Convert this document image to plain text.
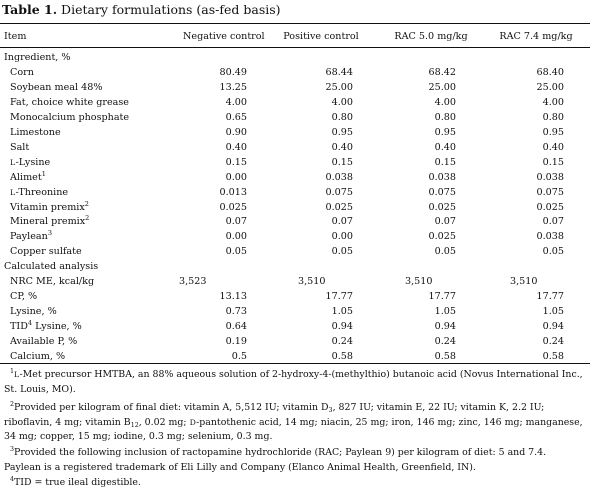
Table 1. Dietary formulations (as-fed basis)
Item	Negative control	Positive control	RAC 5.0 mg/kg	RAC 7.4 mg/kg
Ingredient, %
Corn	80.49	68.44	68.42	68.40
Soybean meal 48%	13.25	25.00	25.00	25.00
Fat, choice white grease	4.00	4.00	4.00	4.00
Monocalcium phosphate	0.65	0.80	0.80	0.80
Limestone	0.90	0.95	0.95	0.95
Salt	0.40	0.40	0.40	0.40
L-Lysine	0.15	0.15	0.15	0.15
Alimet$^1$	0.00	0.038	0.038	0.038
L-Threonine	0.013	0.075	0.075	0.075
Vitamin premix$^2$	0.025	0.025	0.025	0.025
Mineral premix$^2$	0.07	0.07	0.07	0.07
Paylean$^3$	0.00	0.00	0.025	0.038
Copper sulfate	0.05	0.05	0.05	0.05
Calculated analysis
NRC ME, kcal/kg	3,523	3,510	3,510	3,510
CP, %	13.13	17.77	17.77	17.77
Lysine, %	0.73	1.05	1.05	1.05
TID$^4$ Lysine, %	0.64	0.94	0.94	0.94
Available P, %	0.19	0.24	0.24	0.24
Calcium, %	0.5	0.58	0.58	0.58
$^1$L-Met precursor HMTBA, an 88% aqueous solution of 2-hydroxy-4-(methylthio) butanoic acid (Novus International Inc., St. Louis, MO).
$^2$Provided per kilogram of final diet: vitamin A, 5,512 IU; vitamin $D_3$, 827 IU; vitamin E, 22 IU; vitamin K, 2.2 IU; riboflavin, 4 mg; vitamin $B_{12}$, 0.02 mg; D-pantothenic acid, 14 mg; niacin, 25 mg; iron, 146 mg; zinc, 146 mg; manganese, 34 mg; copper, 15 mg; iodine, 0.3 mg; selenium, 0.3 mg.
$^3$Provided the following inclusion of ractopamine hydrochloride (RAC; Paylean 9) per kilogram of diet: 5 and 7.4. Paylean is a registered trademark of Eli Lilly and Company (Elanco Animal Health, Greenfield, IN).
$^4$TID = true ileal digestible.
